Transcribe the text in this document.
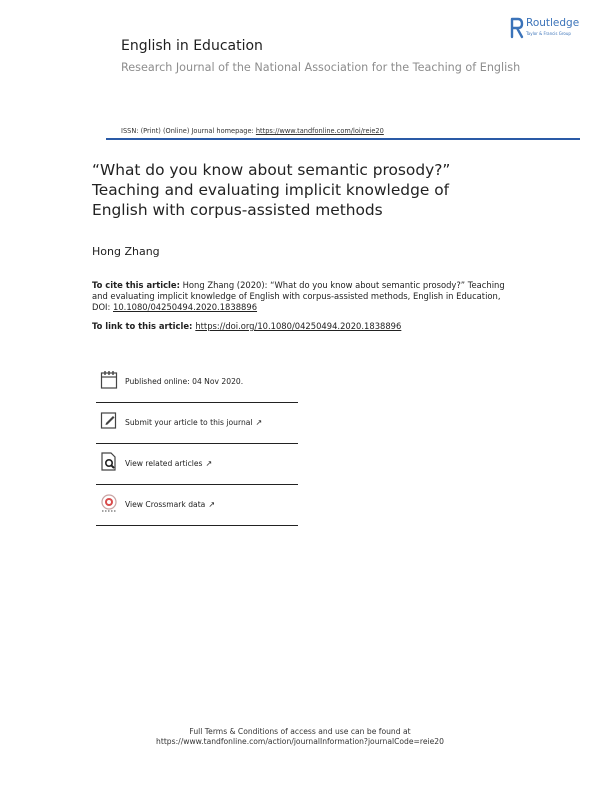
English in Education
Research Journal of the National Association for the Teaching of English
Routledge
Taylor & Francis Group
ISSN: (Print) (Online) Journal homepage: https://www.tandfonline.com/loi/reie20
“What do you know about semantic prosody?”
Teaching and evaluating implicit knowledge of
English with corpus-assisted methods
Hong Zhang
To cite this article: Hong Zhang (2020): “What do you know about semantic prosody?” Teaching
and evaluating implicit knowledge of English with corpus-assisted methods, English in Education,
DOI: 10.1080/04250494.2020.1838896
To link to this article: https://doi.org/10.1080/04250494.2020.1838896
Published online: 04 Nov 2020.
Submit your article to this journal ↗
View related articles ↗
View Crossmark data ↗
Full Terms & Conditions of access and use can be found at
https://www.tandfonline.com/action/journalInformation?journalCode=reie20
